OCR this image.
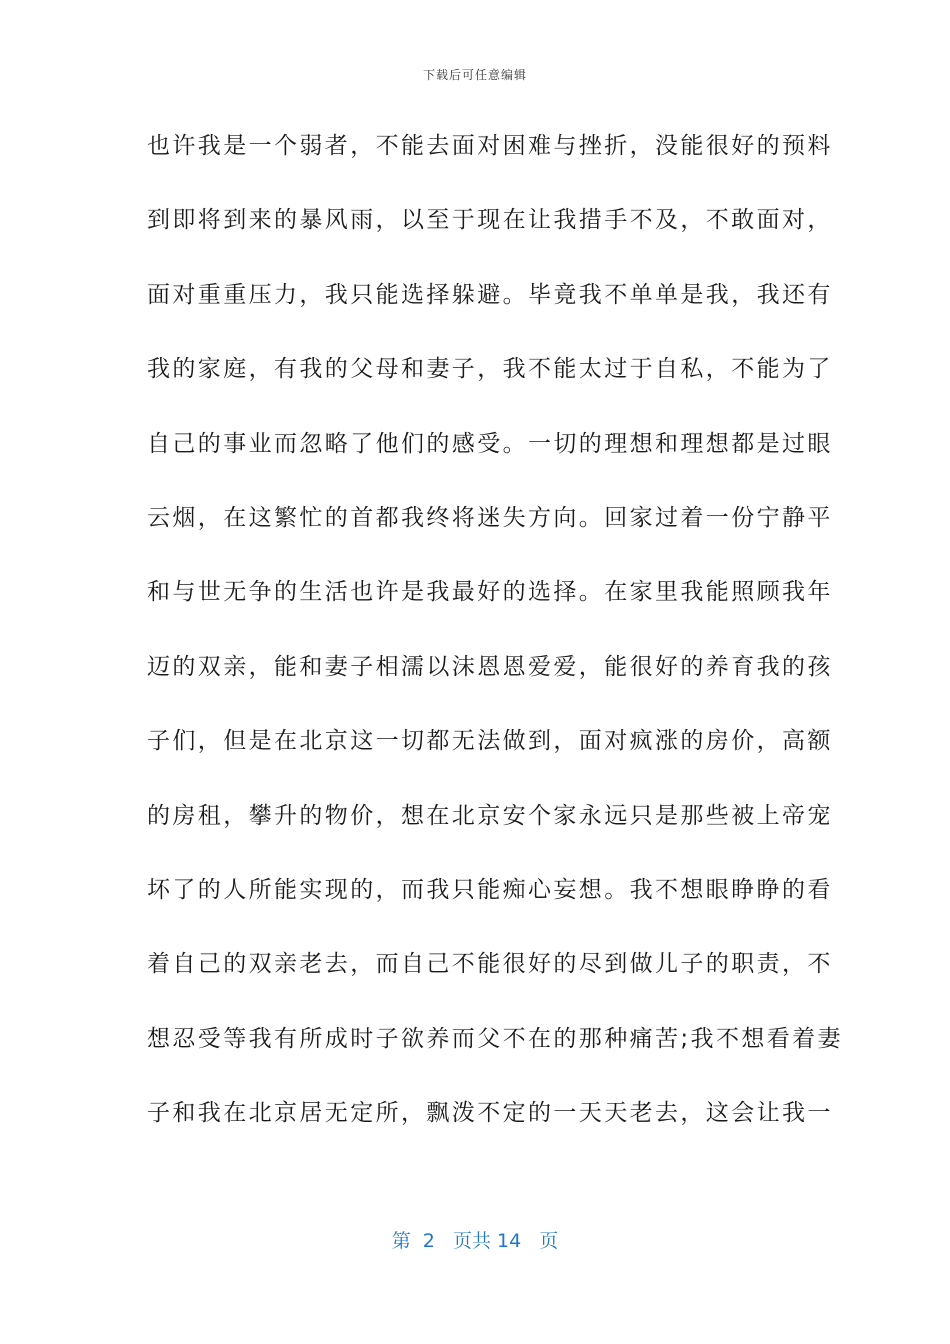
下载后可任意编辑
也许我是一个弱者，不能去面对困难与挫折，没能很好的预料
到即将到来的暴风雨，以至于现在让我措手不及，不敢面对，
面对重重压力，我只能选择躲避。毕竟我不单单是我，我还有
我的家庭，有我的父母和妻子，我不能太过于自私，不能为了
自己的事业而忽略了他们的感受。一切的理想和理想都是过眼
云烟，在这繁忙的首都我终将迷失方向。回家过着一份宁静平
和与世无争的生活也许是我最好的选择。在家里我能照顾我年
迈的双亲，能和妻子相濡以沫恩恩爱爱，能很好的养育我的孩
子们，但是在北京这一切都无法做到，面对疯涨的房价，高额
的房租，攀升的物价，想在北京安个家永远只是那些被上帝宠
坏了的人所能实现的，而我只能痴心妄想。我不想眼睁睁的看
着自己的双亲老去，而自己不能很好的尽到做儿子的职责，不
想忍受等我有所成时子欲养而父不在的那种痛苦;我不想看着妻
子和我在北京居无定所，飘泼不定的一天天老去，这会让我一
第  2   页共 14   页
